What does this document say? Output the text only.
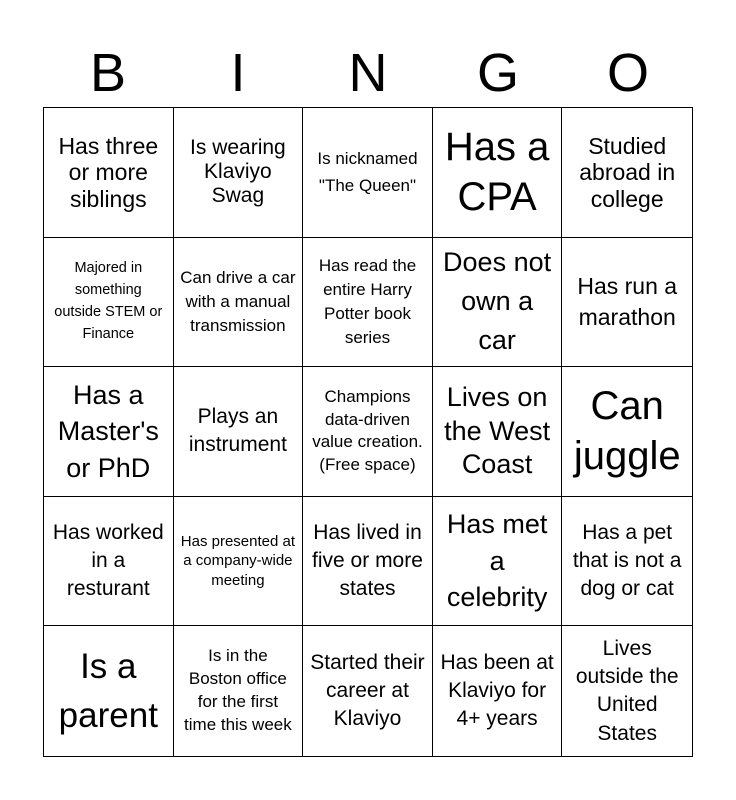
B	I	N	G	O
Has three or more siblings
Is wearing Klaviyo Swag
Is nicknamed "The Queen"
Has a CPA
Studied abroad in college
Majored in something outside STEM or Finance
Can drive a car with a manual transmission
Has read the entire Harry Potter book series
Does not own a car
Has run a marathon
Has a Master's or PhD
Plays an instrument
Champions data-driven value creation. (Free space)
Lives on the West Coast
Can juggle
Has worked in a resturant
Has presented at a company-wide meeting
Has lived in five or more states
Has met a celebrity
Has a pet that is not a dog or cat
Is a parent
Is in the Boston office for the first time this week
Started their career at Klaviyo
Has been at Klaviyo for 4+ years
Lives outside the United States
